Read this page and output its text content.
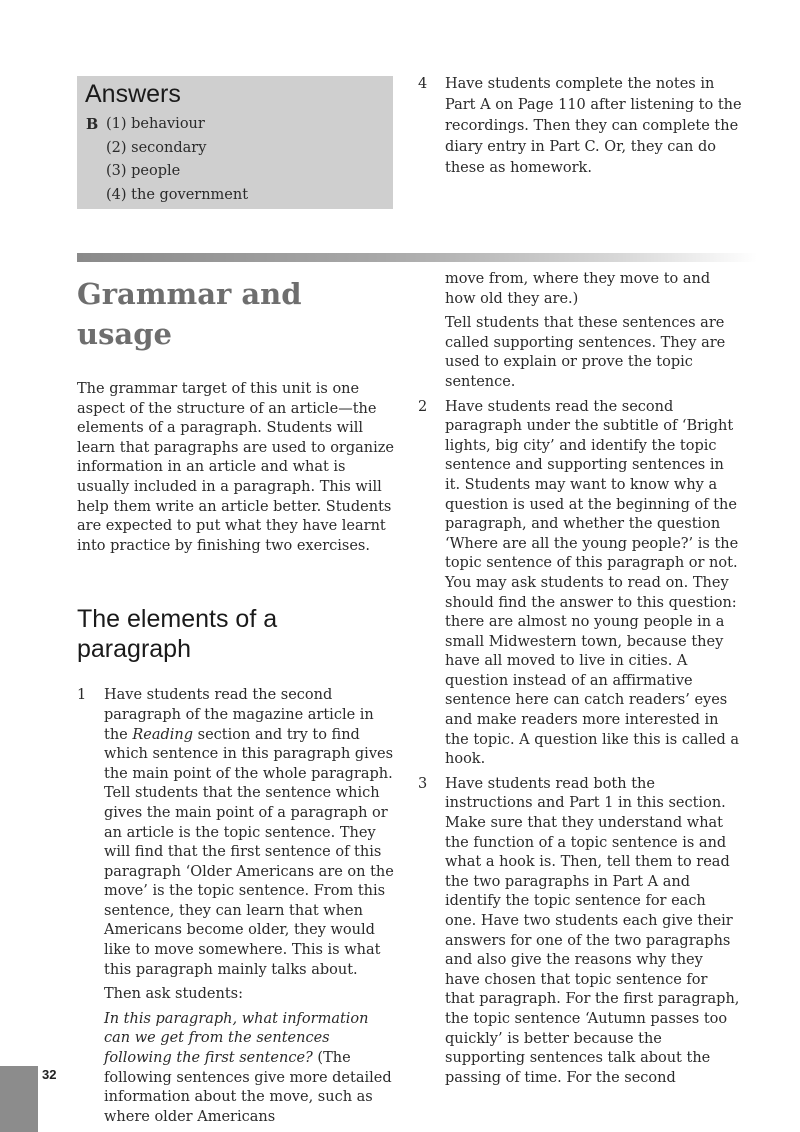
Answers
B (1) behaviour
(2) secondary
(3) people
(4) the government
4	Have students complete the notes in Part A on Page 110 after listening to the recordings. Then they can complete the diary entry in Part C. Or, they can do these as homework.
Grammar and usage

The grammar target of this unit is one aspect of the structure of an article—the elements of a paragraph. Students will learn that paragraphs are used to organize information in an article and what is usually included in a paragraph. This will help them write an article better. Students are expected to put what they have learnt into practice by finishing two exercises.

The elements of a paragraph
1	Have students read the second paragraph of the magazine article in the Reading section and try to find which sentence in this paragraph gives the main point of the whole paragraph. Tell students that the sentence which gives the main point of a paragraph or an article is the topic sentence. They will find that the first sentence of this paragraph ‘Older Americans are on the move’ is the topic sentence. From this sentence, they can learn that when Americans become older, they would like to move somewhere. This is what this paragraph mainly talks about.

Then ask students:

In this paragraph, what information can we get from the sentences following the first sentence? (The following sentences give more detailed information about the move, such as where older Americans

move from, where they move to and how old they are.)

Tell students that these sentences are called supporting sentences. They are used to explain or prove the topic sentence.

2	Have students read the second paragraph under the subtitle of ‘Bright lights, big city’ and identify the topic sentence and supporting sentences in it. Students may want to know why a question is used at the beginning of the paragraph, and whether the question ‘Where are all the young people?’ is the topic sentence of this paragraph or not. You may ask students to read on. They should find the answer to this question: there are almost no young people in a small Midwestern town, because they have all moved to live in cities. A question instead of an affirmative sentence here can catch readers’ eyes and make readers more interested in the topic. A question like this is called a hook.
3	Have students read both the instructions and Part 1 in this section. Make sure that they understand what the function of a topic sentence is and what a hook is. Then, tell them to read the two paragraphs in Part A and identify the topic sentence for each one. Have two students each give their answers for one of the two paragraphs and also give the reasons why they have chosen that topic sentence for that paragraph. For the first paragraph, the topic sentence ‘Autumn passes too quickly’ is better because the supporting sentences talk about the passing of time. For the second
32
